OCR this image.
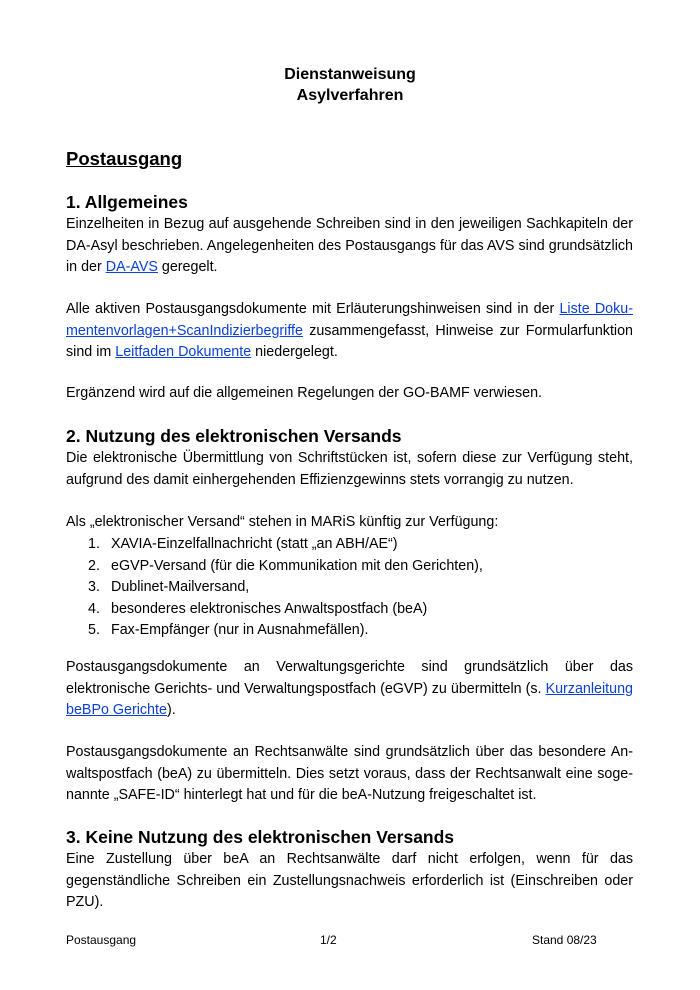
Dienstanweisung
Asylverfahren
Postausgang
1. Allgemeines
Einzelheiten in Bezug auf ausgehende Schreiben sind in den jeweiligen Sachkapiteln der DA-Asyl beschrieben. Angelegenheiten des Postausgangs für das AVS sind grundsätzlich in der DA-AVS geregelt.
Alle aktiven Postausgangsdokumente mit Erläuterungshinweisen sind in der Liste Dokumentenvorlagen+ScanIndizierbegriffe zusammengefasst, Hinweise zur Formularfunktion sind im Leitfaden Dokumente niedergelegt.
Ergänzend wird auf die allgemeinen Regelungen der GO-BAMF verwiesen.
2. Nutzung des elektronischen Versands
Die elektronische Übermittlung von Schriftstücken ist, sofern diese zur Verfügung steht, aufgrund des damit einhergehenden Effizienzgewinns stets vorrangig zu nutzen.
Als „elektronischer Versand“ stehen in MARiS künftig zur Verfügung:
1. XAVIA-Einzelfallnachricht (statt „an ABH/AE“)
2. eGVP-Versand (für die Kommunikation mit den Gerichten),
3. Dublinet-Mailversand,
4. besonderes elektronisches Anwaltspostfach (beA)
5. Fax-Empfänger (nur in Ausnahmefällen).
Postausgangsdokumente an Verwaltungsgerichte sind grundsätzlich über das elektronische Gerichts- und Verwaltungspostfach (eGVP) zu übermitteln (s. Kurzanleitung beBPo Gerichte).
Postausgangsdokumente an Rechtsanwälte sind grundsätzlich über das besondere Anwaltspostfach (beA) zu übermitteln. Dies setzt voraus, dass der Rechtsanwalt eine sogenannte „SAFE-ID“ hinterlegt hat und für die beA-Nutzung freigeschaltet ist.
3. Keine Nutzung des elektronischen Versands
Eine Zustellung über beA an Rechtsanwälte darf nicht erfolgen, wenn für das gegenständliche Schreiben ein Zustellungsnachweis erforderlich ist (Einschreiben oder PZU).
Postausgang	1/2	Stand 08/23
